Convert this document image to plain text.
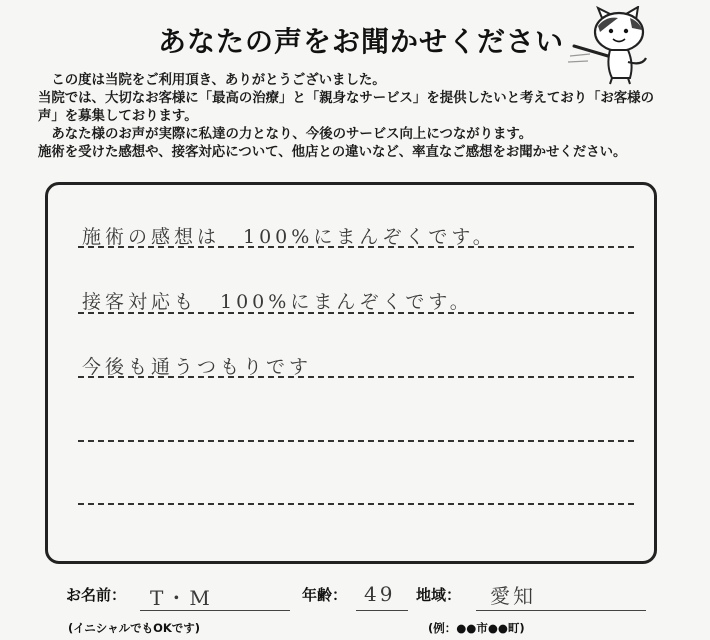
あなたの声をお聞かせください

　この度は当院をご利用頂き、ありがとうございました。

当院では、大切なお客様に「最高の治療」と「親身なサービス」を提供したいと考えており「お客様の声」を募集しております。

　あなた様のお声が実際に私達の力となり、今後のサービス向上につながります。

施術を受けた感想や、接客対応について、他店との違いなど、率直なご感想をお聞かせください。

施術の感想は　100%にまんぞくです。
接客対応も　100%にまんぞくです。
今後も通うつもりです
お名前： T・M
(イニシャルでもOKです)
年齢： 49 地域： 愛知
(例：●●市●●町)
